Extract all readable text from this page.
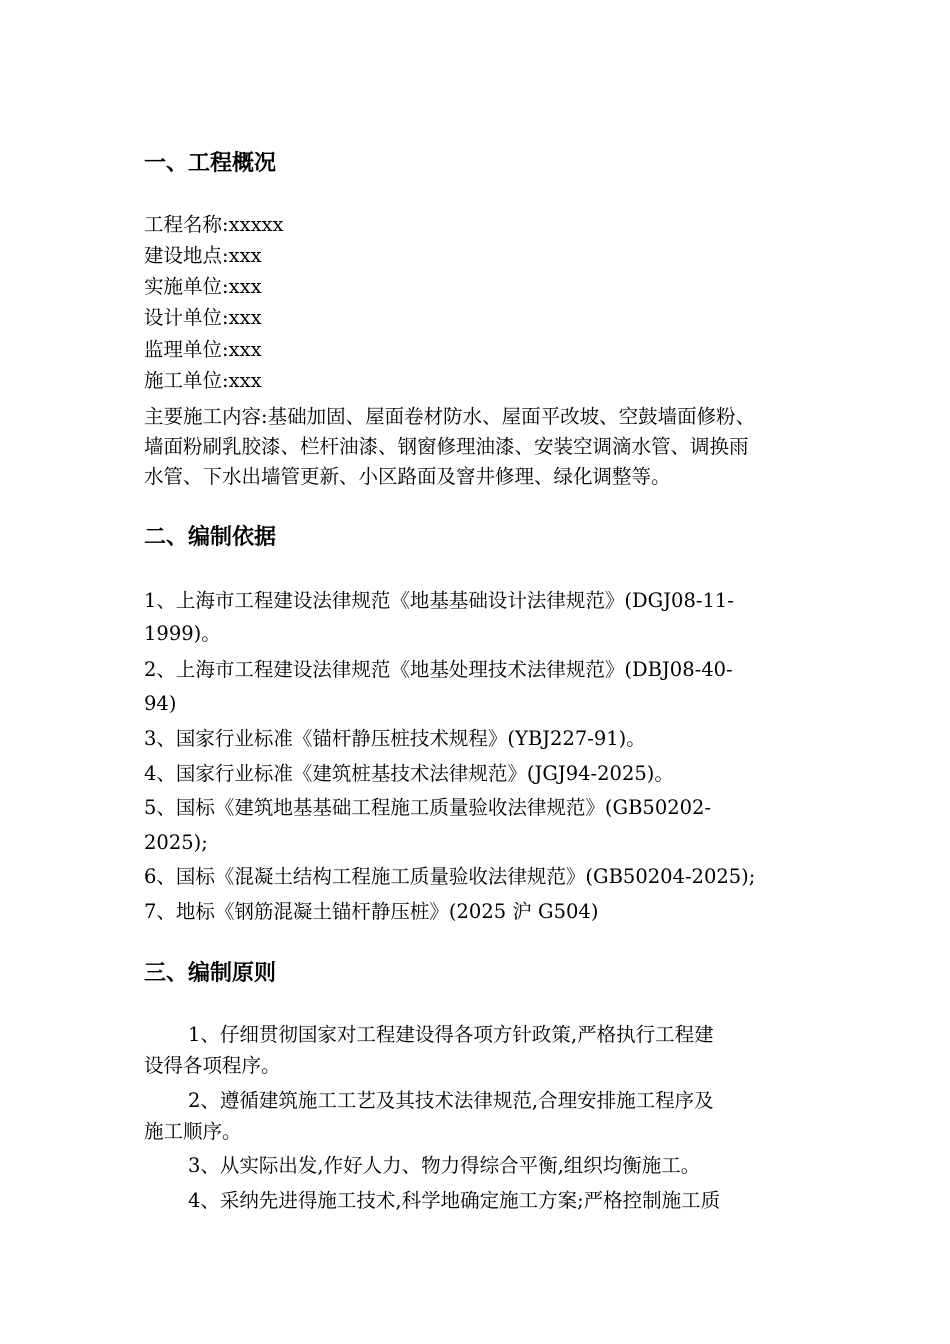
一、工程概况
工程名称:xxxxx
建设地点:xxx
实施单位:xxx
设计单位:xxx
监理单位:xxx
施工单位:xxx
主要施工内容:基础加固、屋面卷材防水、屋面平改坡、空鼓墙面修粉、
墙面粉刷乳胶漆、栏杆油漆、钢窗修理油漆、安装空调滴水管、调换雨
水管、下水出墙管更新、小区路面及窨井修理、绿化调整等。
二、编制依据
1、上海市工程建设法律规范《地基基础设计法律规范》(DGJ08-11-
1999)。
2、上海市工程建设法律规范《地基处理技术法律规范》(DBJ08-40-
94)
3、国家行业标准《锚杆静压桩技术规程》(YBJ227-91)。
4、国家行业标准《建筑桩基技术法律规范》(JGJ94-2025)。
5、国标《建筑地基基础工程施工质量验收法律规范》(GB50202-
2025);
6、国标《混凝土结构工程施工质量验收法律规范》(GB50204-2025);
7、地标《钢筋混凝土锚杆静压桩》(2025 沪 G504)
三、编制原则
1、仔细贯彻国家对工程建设得各项方针政策,严格执行工程建
设得各项程序。
2、遵循建筑施工工艺及其技术法律规范,合理安排施工程序及
施工顺序。
3、从实际出发,作好人力、物力得综合平衡,组织均衡施工。
4、采纳先进得施工技术,科学地确定施工方案;严格控制施工质
